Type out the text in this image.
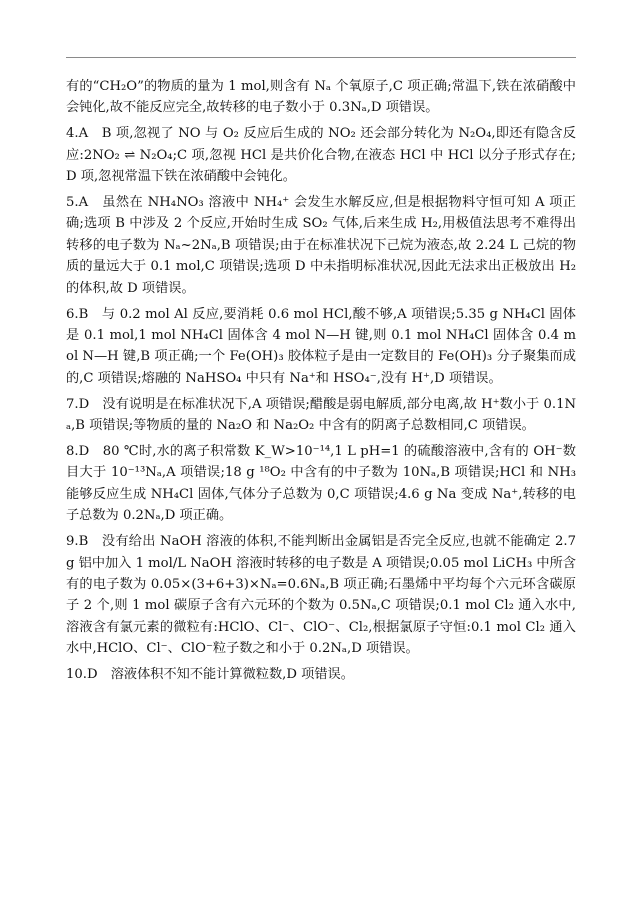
有的“CH₂O”的物质的量为 1 mol,则含有 Nₐ 个氧原子,C 项正确;常温下,铁在浓硝酸中会钝化,故不能反应完全,故转移的电子数小于 0.3Nₐ,D 项错误。

4.A　B 项,忽视了 NO 与 O₂ 反应后生成的 NO₂ 还会部分转化为 N₂O₄,即还有隐含反应:2NO₂ ⇌ N₂O₄;C 项,忽视 HCl 是共价化合物,在液态 HCl 中 HCl 以分子形式存在;D 项,忽视常温下铁在浓硝酸中会钝化。

5.A　虽然在 NH₄NO₃ 溶液中 NH₄⁺ 会发生水解反应,但是根据物料守恒可知 A 项正确;选项 B 中涉及 2 个反应,开始时生成 SO₂ 气体,后来生成 H₂,用极值法思考不难得出转移的电子数为 Nₐ~2Nₐ,B 项错误;由于在标准状况下己烷为液态,故 2.24 L 己烷的物质的量远大于 0.1 mol,C 项错误;选项 D 中未指明标准状况,因此无法求出正极放出 H₂ 的体积,故 D 项错误。

6.B　与 0.2 mol Al 反应,要消耗 0.6 mol HCl,酸不够,A 项错误;5.35 g NH₄Cl 固体是 0.1 mol,1 mol NH₄Cl 固体含 4 mol N—H 键,则 0.1 mol NH₄Cl 固体含 0.4 mol N—H 键,B 项正确;一个 Fe(OH)₃ 胶体粒子是由一定数目的 Fe(OH)₃ 分子聚集而成的,C 项错误;熔融的 NaHSO₄ 中只有 Na⁺和 HSO₄⁻,没有 H⁺,D 项错误。

7.D　没有说明是在标准状况下,A 项错误;醋酸是弱电解质,部分电离,故 H⁺数小于 0.1Nₐ,B 项错误;等物质的量的 Na₂O 和 Na₂O₂ 中含有的阴离子总数相同,C 项错误。

8.D　80 ℃时,水的离子积常数 K_W>10⁻¹⁴,1 L pH=1 的硫酸溶液中,含有的 OH⁻数目大于 10⁻¹³Nₐ,A 项错误;18 g ¹⁸O₂ 中含有的中子数为 10Nₐ,B 项错误;HCl 和 NH₃ 能够反应生成 NH₄Cl 固体,气体分子总数为 0,C 项错误;4.6 g Na 变成 Na⁺,转移的电子总数为 0.2Nₐ,D 项正确。

9.B　没有给出 NaOH 溶液的体积,不能判断出金属铝是否完全反应,也就不能确定 2.7 g 铝中加入 1 mol/L NaOH 溶液时转移的电子数是 A 项错误;0.05 mol LiCH₃ 中所含有的电子数为 0.05×(3+6+3)×Nₐ=0.6Nₐ,B 项正确;石墨烯中平均每个六元环含碳原子 2 个,则 1 mol 碳原子含有六元环的个数为 0.5Nₐ,C 项错误;0.1 mol Cl₂ 通入水中,溶液含有氯元素的微粒有:HClO、Cl⁻、ClO⁻、Cl₂,根据氯原子守恒:0.1 mol Cl₂ 通入水中,HClO、Cl⁻、ClO⁻粒子数之和小于 0.2Nₐ,D 项错误。

10.D　溶液体积不知不能计算微粒数,D 项错误。
